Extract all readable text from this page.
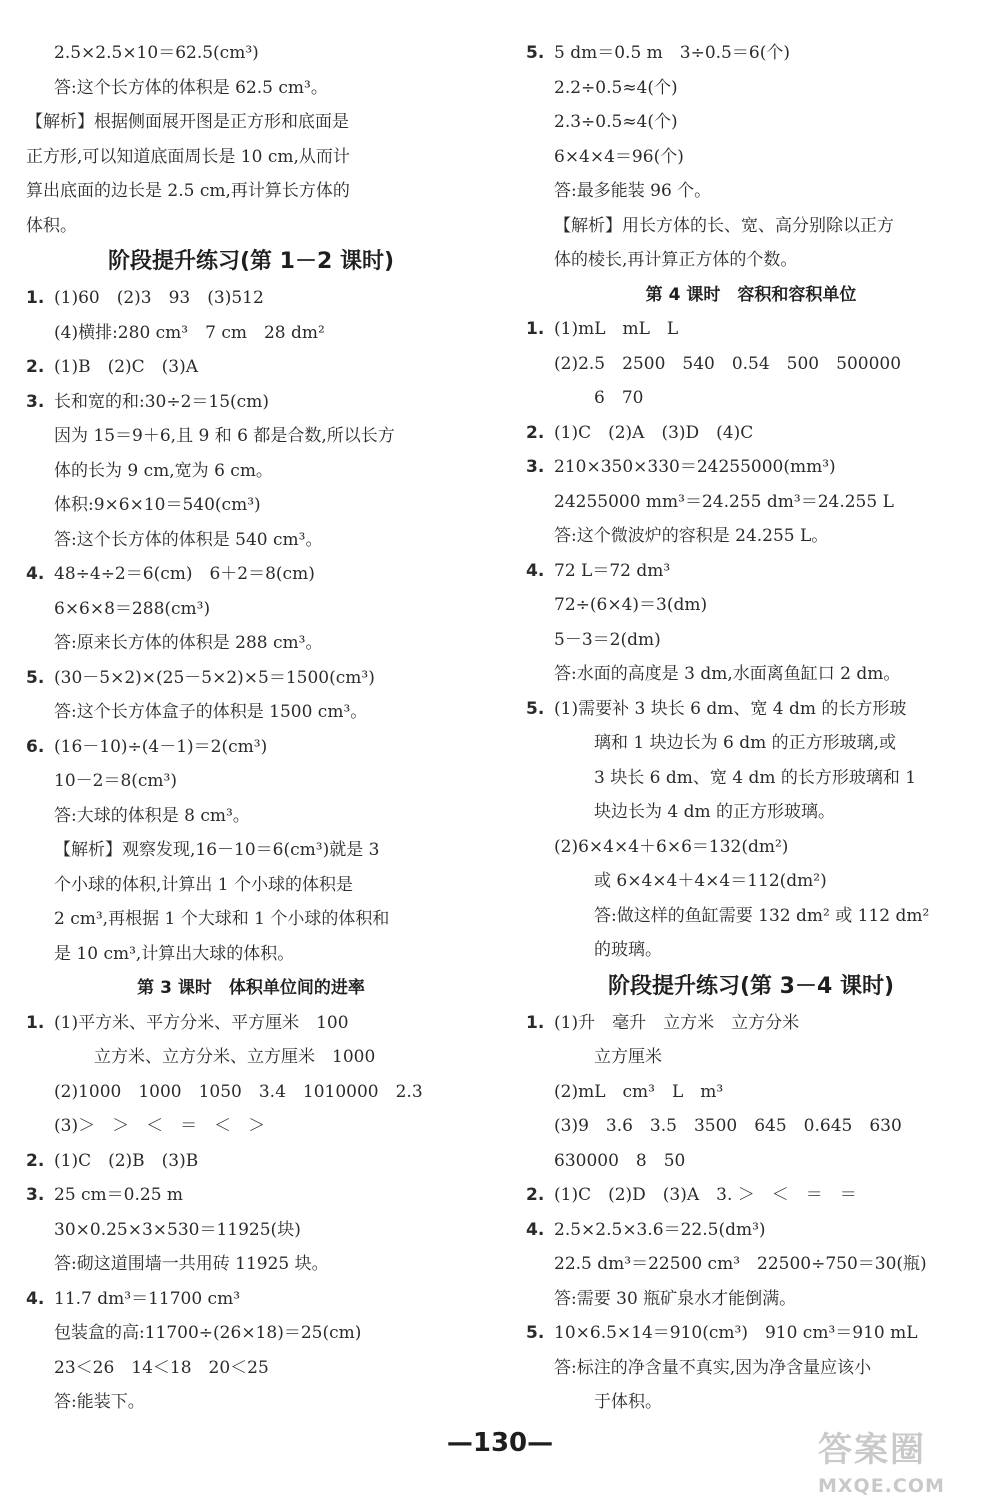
2.5×2.5×10＝62.5(cm³)
答:这个长方体的体积是 62.5 cm³。
【解析】根据侧面展开图是正方形和底面是
正方形,可以知道底面周长是 10 cm,从而计
算出底面的边长是 2.5 cm,再计算长方体的
体积。
阶段提升练习(第 1－2 课时)
1. (1)60　(2)3　93　(3)512
(4)横排:280 cm³　7 cm　28 dm²
2. (1)B　(2)C　(3)A
3. 长和宽的和:30÷2＝15(cm)
因为 15＝9＋6,且 9 和 6 都是合数,所以长方
体的长为 9 cm,宽为 6 cm。
体积:9×6×10＝540(cm³)
答:这个长方体的体积是 540 cm³。
4. 48÷4÷2＝6(cm)　6＋2＝8(cm)
6×6×8＝288(cm³)
答:原来长方体的体积是 288 cm³。
5. (30－5×2)×(25－5×2)×5＝1500(cm³)
答:这个长方体盒子的体积是 1500 cm³。
6. (16－10)÷(4－1)＝2(cm³)
10－2＝8(cm³)
答:大球的体积是 8 cm³。
【解析】观察发现,16－10＝6(cm³)就是 3
个小球的体积,计算出 1 个小球的体积是
2 cm³,再根据 1 个大球和 1 个小球的体积和
是 10 cm³,计算出大球的体积。
第 3 课时　体积单位间的进率
1. (1)平方米、平方分米、平方厘米　100
立方米、立方分米、立方厘米　1000
(2)1000　1000　1050　3.4　1010000　2.3
(3)＞　＞　＜　＝　＜　＞
2. (1)C　(2)B　(3)B
3. 25 cm＝0.25 m
30×0.25×3×530＝11925(块)
答:砌这道围墙一共用砖 11925 块。
4. 11.7 dm³＝11700 cm³
包装盒的高:11700÷(26×18)＝25(cm)
23＜26　14＜18　20＜25
答:能装下。
5. 5 dm＝0.5 m　3÷0.5＝6(个)
2.2÷0.5≈4(个)
2.3÷0.5≈4(个)
6×4×4＝96(个)
答:最多能装 96 个。
【解析】用长方体的长、宽、高分别除以正方
体的棱长,再计算正方体的个数。
第 4 课时　容积和容积单位
1. (1)mL　mL　L
(2)2.5　2500　540　0.54　500　500000
6　70
2. (1)C　(2)A　(3)D　(4)C
3. 210×350×330＝24255000(mm³)
24255000 mm³＝24.255 dm³＝24.255 L
答:这个微波炉的容积是 24.255 L。
4. 72 L＝72 dm³
72÷(6×4)＝3(dm)
5－3＝2(dm)
答:水面的高度是 3 dm,水面离鱼缸口 2 dm。
5. (1)需要补 3 块长 6 dm、宽 4 dm 的长方形玻
璃和 1 块边长为 6 dm 的正方形玻璃,或
3 块长 6 dm、宽 4 dm 的长方形玻璃和 1
块边长为 4 dm 的正方形玻璃。
(2)6×4×4＋6×6＝132(dm²)
或 6×4×4＋4×4＝112(dm²)
答:做这样的鱼缸需要 132 dm² 或 112 dm²
的玻璃。
阶段提升练习(第 3－4 课时)
1. (1)升　毫升　立方米　立方分米
立方厘米
(2)mL　cm³　L　m³
(3)9　3.6　3.5　3500　645　0.645　630
630000　8　50
2. (1)C　(2)D　(3)A　3. ＞　＜　＝　＝
4. 2.5×2.5×3.6＝22.5(dm³)
22.5 dm³＝22500 cm³　22500÷750＝30(瓶)
答:需要 30 瓶矿泉水才能倒满。
5. 10×6.5×14＝910(cm³)　910 cm³＝910 mL
答:标注的净含量不真实,因为净含量应该小
于体积。
—130—	答案圈
MXQE.COM
